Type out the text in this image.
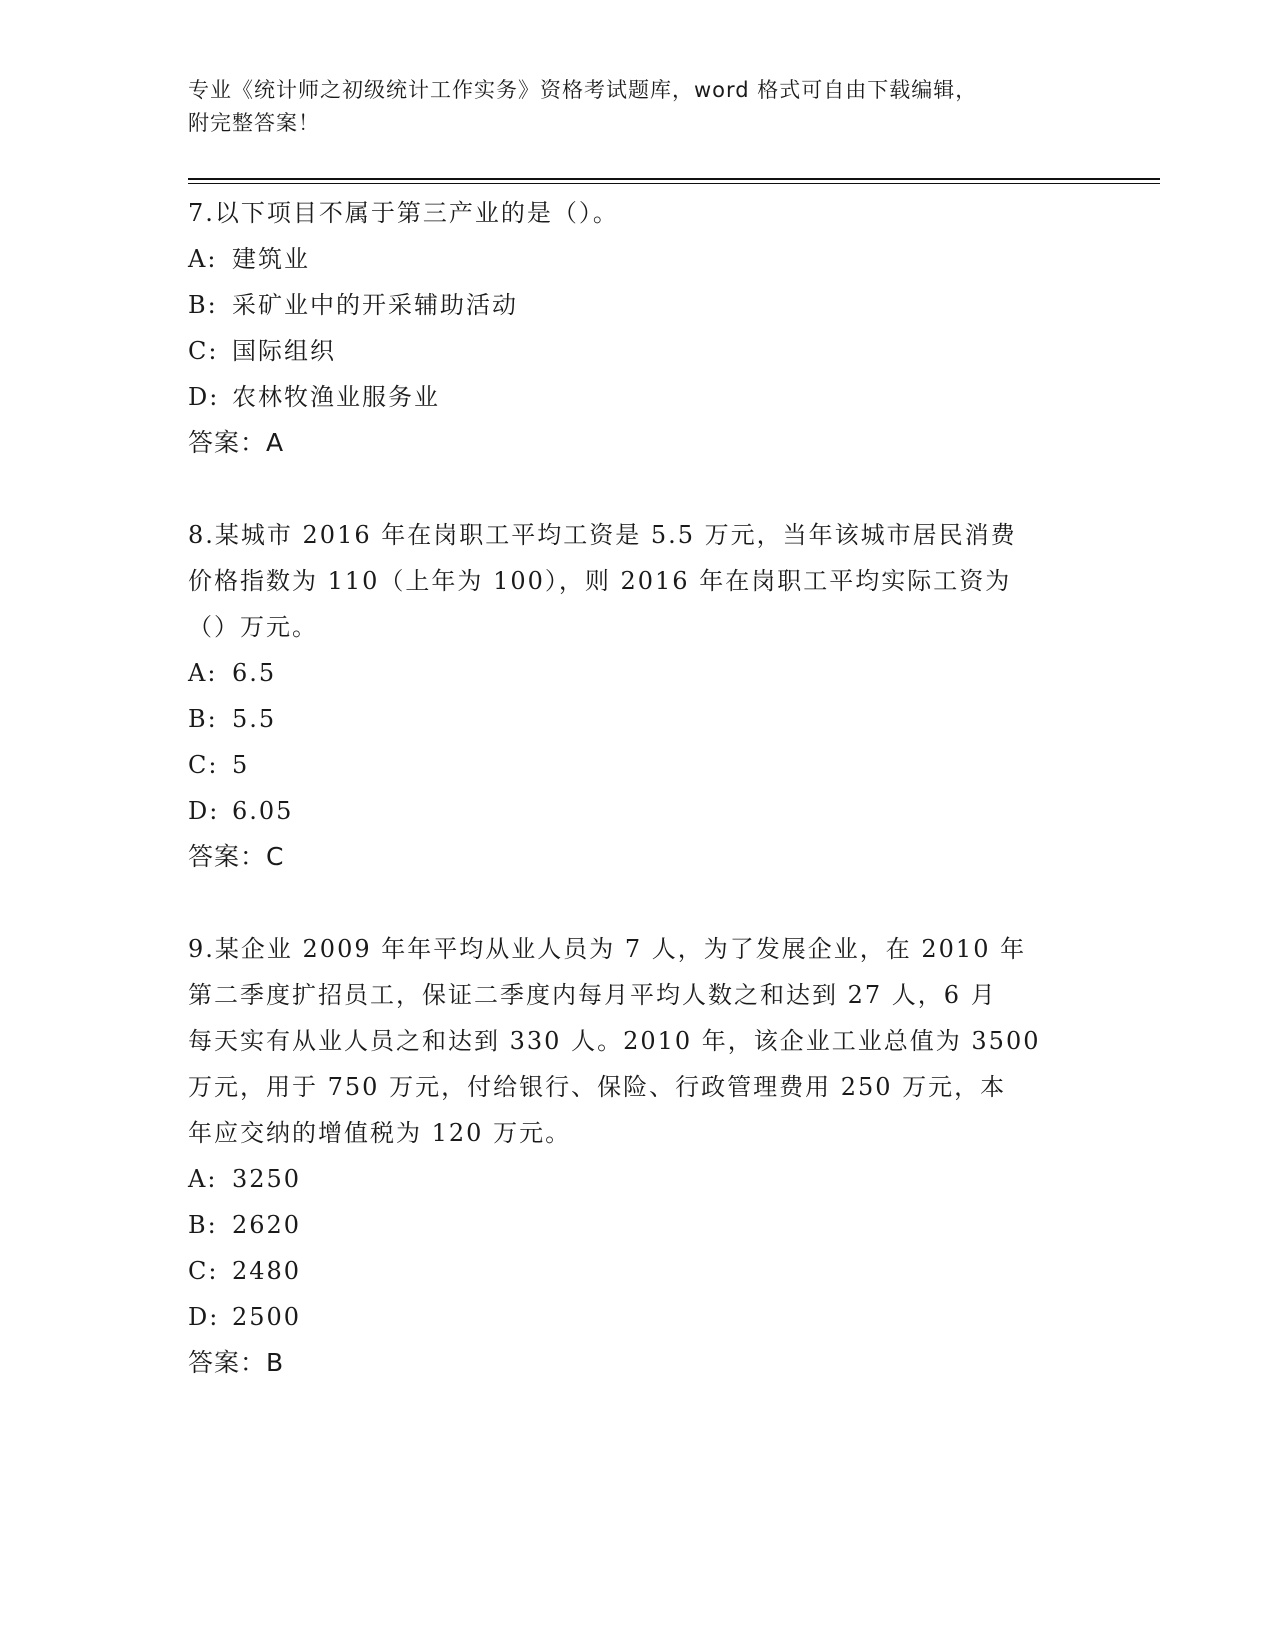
专业《统计师之初级统计工作实务》资格考试题库，word 格式可自由下载编辑，
附完整答案！

7.以下项目不属于第三产业的是（）。

A: 建筑业

B: 采矿业中的开采辅助活动

C: 国际组织

D: 农林牧渔业服务业

答案：A

8.某城市 2016 年在岗职工平均工资是 5.5 万元，当年该城市居民消费

价格指数为 110（上年为 100），则 2016 年在岗职工平均实际工资为

（）万元。

A: 6.5

B: 5.5

C: 5

D: 6.05

答案：C

9.某企业 2009 年年平均从业人员为 7 人，为了发展企业，在 2010 年

第二季度扩招员工，保证二季度内每月平均人数之和达到 27 人，6 月

每天实有从业人员之和达到 330 人。2010 年，该企业工业总值为 3500

万元，用于 750 万元，付给银行、保险、行政管理费用 250 万元，本

年应交纳的增值税为 120 万元。

A: 3250

B: 2620

C: 2480

D: 2500

答案：B
